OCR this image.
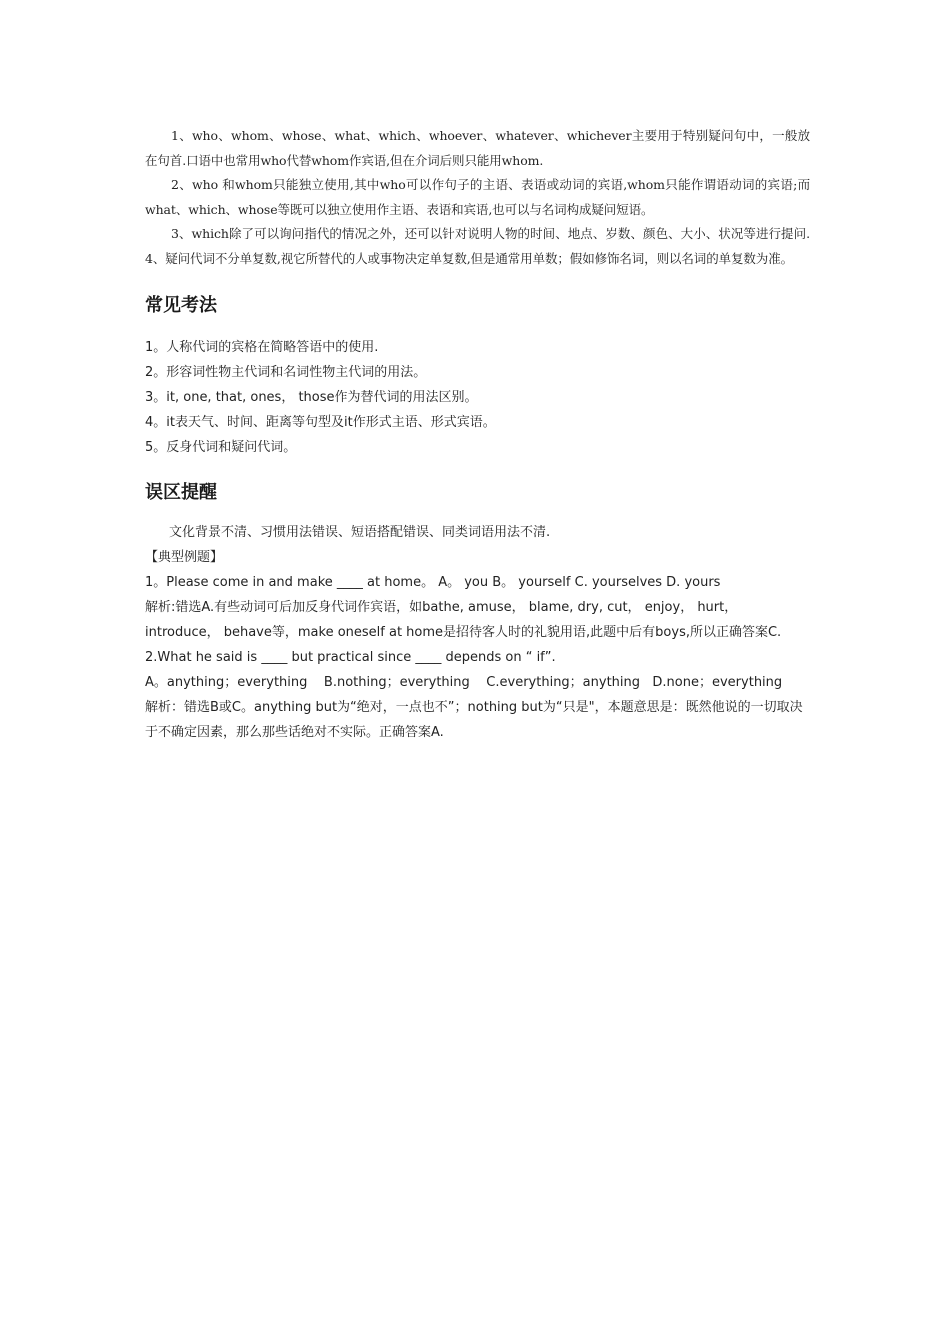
1、who、whom、whose、what、which、whoever、whatever、whichever主要用于特别疑问句中，一般放在句首.口语中也常用who代替whom作宾语,但在介词后则只能用whom.

2、who 和whom只能独立使用,其中who可以作句子的主语、表语或动词的宾语,whom只能作谓语动词的宾语;而what、which、whose等既可以独立使用作主语、表语和宾语,也可以与名词构成疑问短语。

3、which除了可以询问指代的情况之外，还可以针对说明人物的时间、地点、岁数、颜色、大小、状况等进行提问. 4、疑问代词不分单复数,视它所替代的人或事物决定单复数,但是通常用单数；假如修饰名词，则以名词的单复数为准。

常见考法
1。人称代词的宾格在简略答语中的使用.
2。形容词性物主代词和名词性物主代词的用法。
3。it, one, that, ones， those作为替代词的用法区别。
4。it表天气、时间、距离等句型及it作形式主语、形式宾语。
5。反身代词和疑问代词。
误区提醒

文化背景不清、习惯用法错误、短语搭配错误、同类词语用法不清.

【典型例题】

1。Please come in and make ____ at home。 A。 you B。 yourself C. yourselves D. yours

解析:错选A.有些动词可后加反身代词作宾语，如bathe, amuse， blame, dry, cut， enjoy， hurt， introduce， behave等，make oneself at home是招待客人时的礼貌用语,此题中后有boys,所以正确答案C.

2.What he said is ____ but practical since ____ depends on “ if”.

A。anything；everything    B.nothing；everything    C.everything；anything   D.none；everything

解析：错选B或C。anything but为“绝对，一点也不”；nothing but为“只是"，本题意思是：既然他说的一切取决于不确定因素，那么那些话绝对不实际。正确答案A.
